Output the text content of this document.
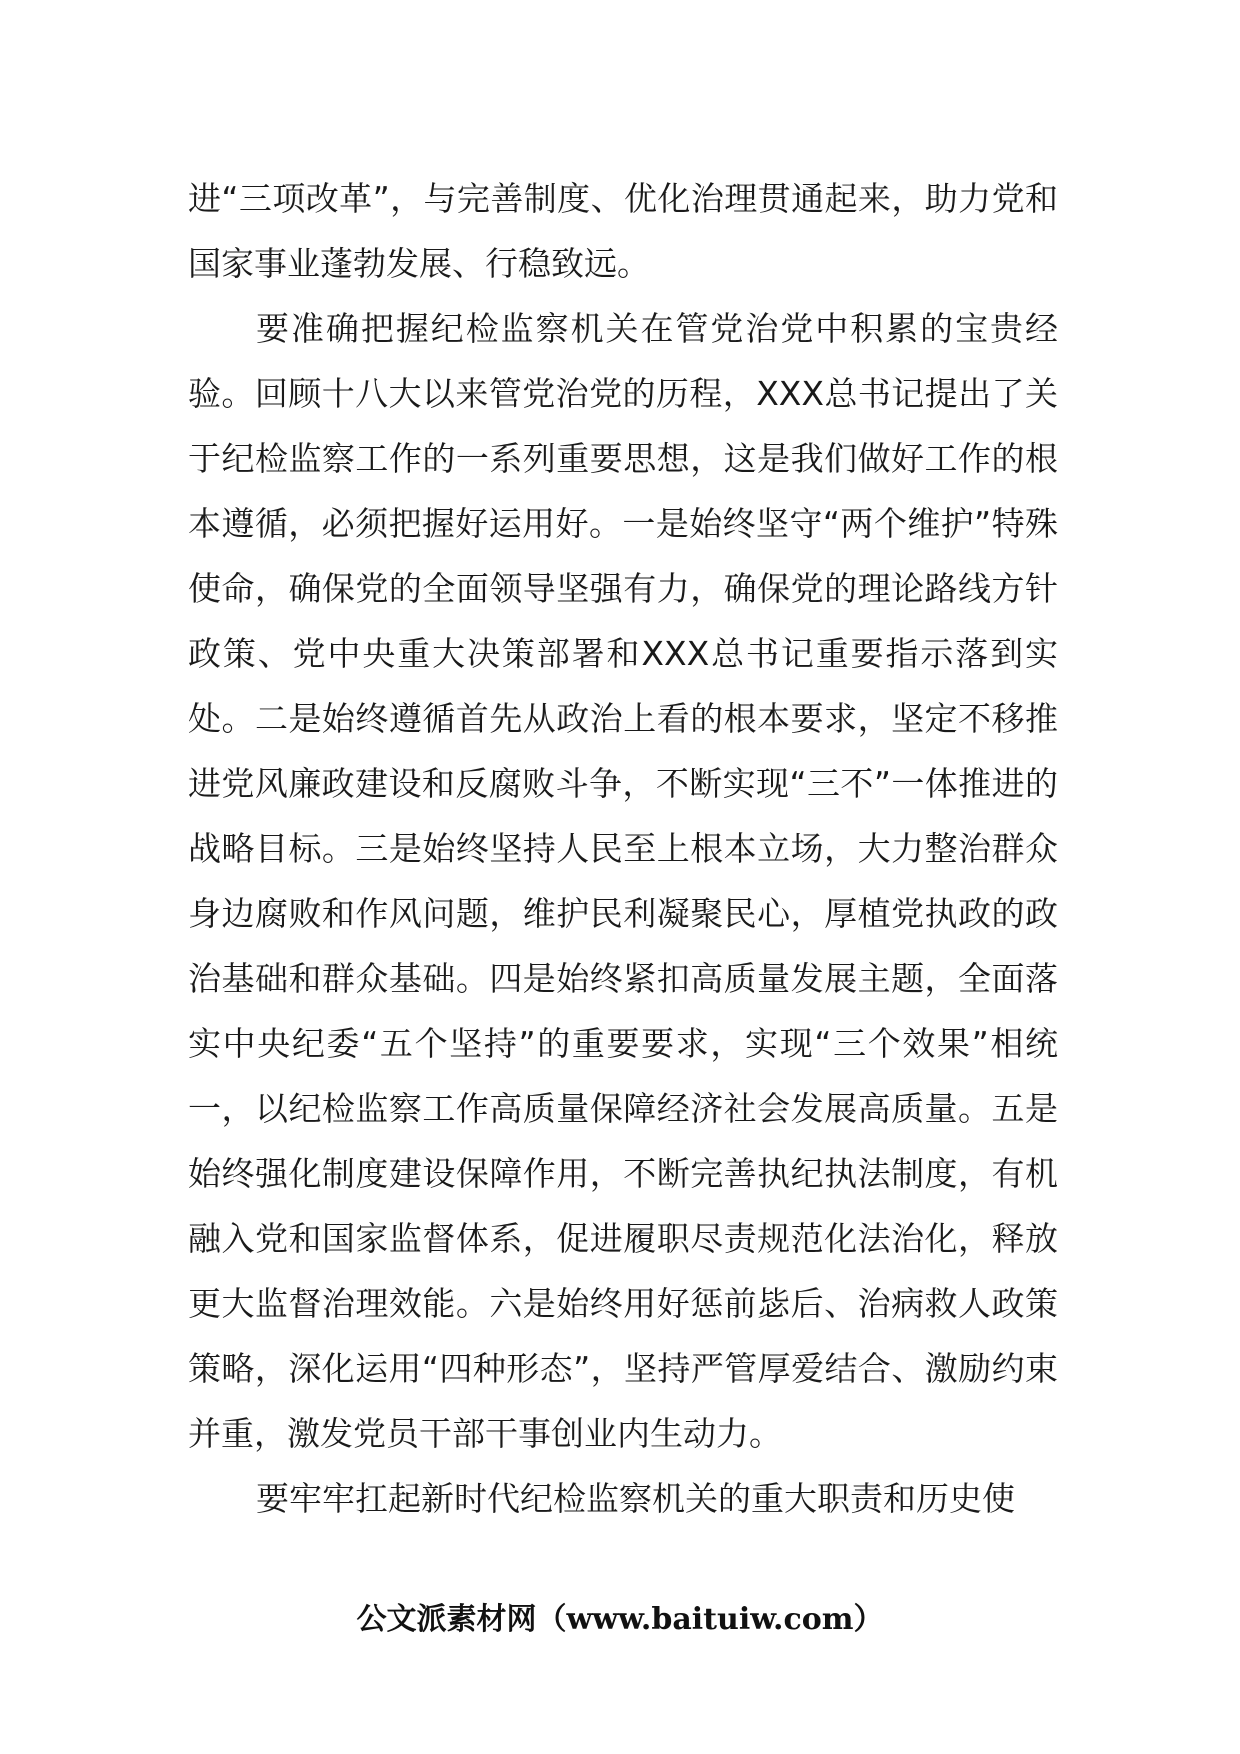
进“三项改革”，与完善制度、优化治理贯通起来，助力党和国家事业蓬勃发展、行稳致远。

要准确把握纪检监察机关在管党治党中积累的宝贵经验。回顾十八大以来管党治党的历程，XXX总书记提出了关于纪检监察工作的一系列重要思想，这是我们做好工作的根本遵循，必须把握好运用好。一是始终坚守“两个维护”特殊使命，确保党的全面领导坚强有力，确保党的理论路线方针政策、党中央重大决策部署和XXX总书记重要指示落到实处。二是始终遵循首先从政治上看的根本要求，坚定不移推进党风廉政建设和反腐败斗争，不断实现“三不”一体推进的战略目标。三是始终坚持人民至上根本立场，大力整治群众身边腐败和作风问题，维护民利凝聚民心，厚植党执政的政治基础和群众基础。四是始终紧扣高质量发展主题，全面落实中央纪委“五个坚持”的重要要求，实现“三个效果”相统一，以纪检监察工作高质量保障经济社会发展高质量。五是始终强化制度建设保障作用，不断完善执纪执法制度，有机融入党和国家监督体系，促进履职尽责规范化法治化，释放更大监督治理效能。六是始终用好惩前毖后、治病救人政策策略，深化运用“四种形态”，坚持严管厚爱结合、激励约束并重，激发党员干部干事创业内生动力。

要牢牢扛起新时代纪检监察机关的重大职责和历史使

公文派素材网（www.baituiw.com）
